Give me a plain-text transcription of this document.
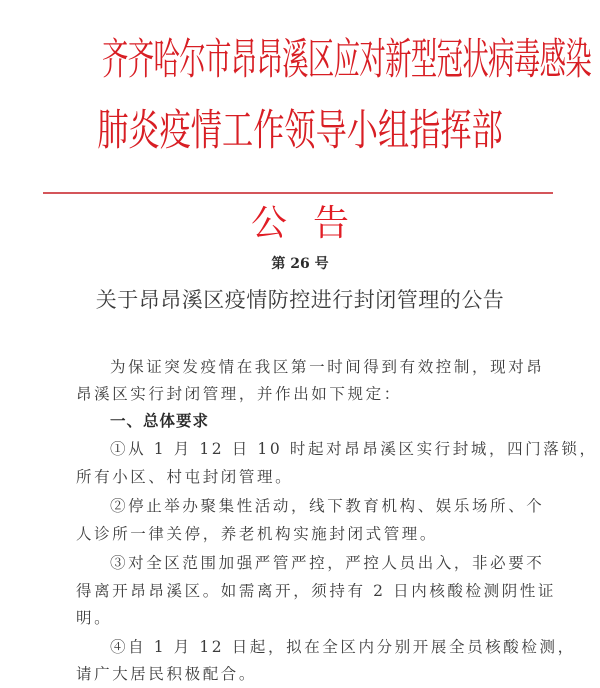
齐齐哈尔市昂昂溪区应对新型冠状病毒感染
肺炎疫情工作领导小组指挥部
公告
第 26 号
关于昂昂溪区疫情防控进行封闭管理的公告
为保证突发疫情在我区第一时间得到有效控制，现对昂
昂溪区实行封闭管理，并作出如下规定：
一、总体要求
①从 1 月 12 日 10 时起对昂昂溪区实行封城，四门落锁，
所有小区、村屯封闭管理。
②停止举办聚集性活动，线下教育机构、娱乐场所、个
人诊所一律关停，养老机构实施封闭式管理。
③对全区范围加强严管严控，严控人员出入，非必要不
得离开昂昂溪区。如需离开，须持有 2 日内核酸检测阴性证
明。
④自 1 月 12 日起，拟在全区内分别开展全员核酸检测，
请广大居民积极配合。
